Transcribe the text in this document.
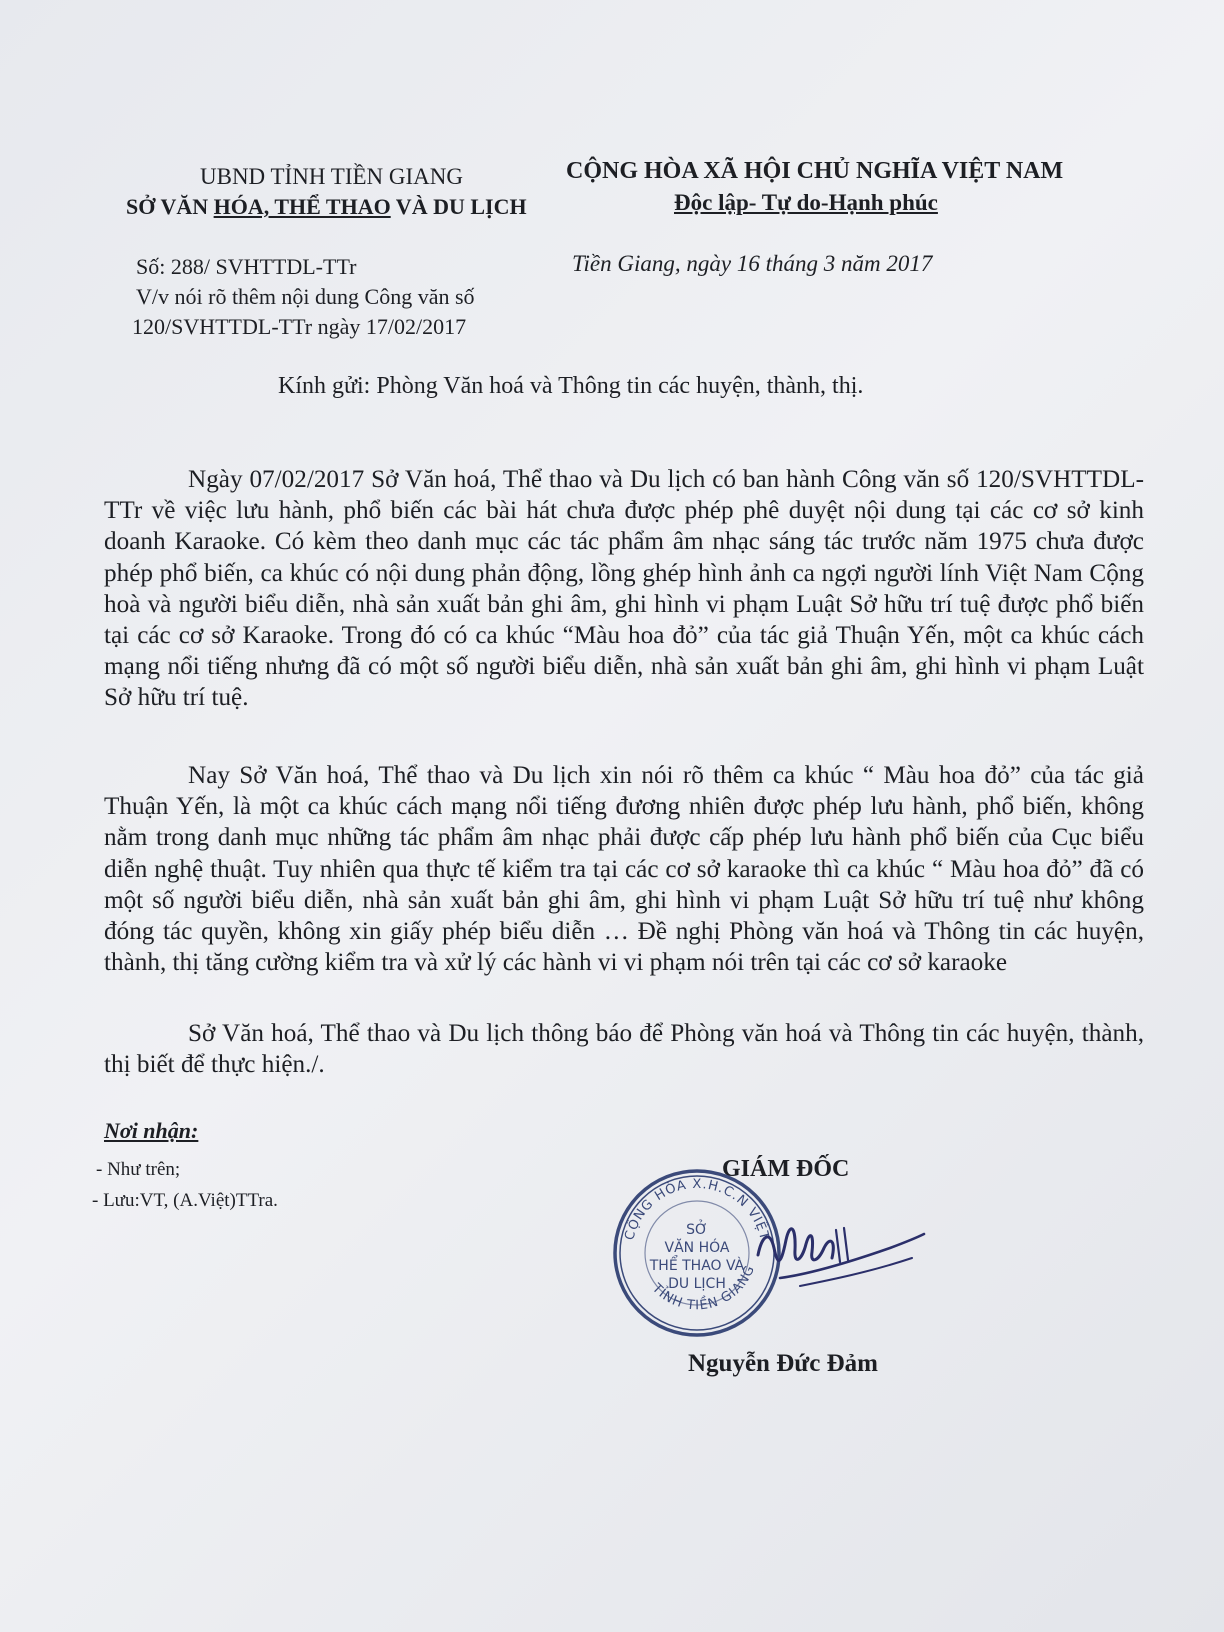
UBND TỈNH TIỀN GIANG
SỞ VĂN HÓA, THỂ THAO VÀ DU LỊCH
CỘNG HÒA XÃ HỘI CHỦ NGHĨA VIỆT NAM
Độc lập- Tự do-Hạnh phúc
Số: 288/ SVHTTDL-TTr
V/v nói rõ thêm nội dung Công văn số
120/SVHTTDL-TTr ngày 17/02/2017
Tiền Giang, ngày 16 tháng 3 năm 2017
Kính gửi: Phòng Văn hoá và Thông tin các huyện, thành, thị.

Ngày 07/02/2017 Sở Văn hoá, Thể thao và Du lịch có ban hành Công văn số 120/SVHTTDL-TTr về việc lưu hành, phổ biến các bài hát chưa được phép phê duyệt nội dung tại các cơ sở kinh doanh Karaoke. Có kèm theo danh mục các tác phẩm âm nhạc sáng tác trước năm 1975 chưa được phép phổ biến, ca khúc có nội dung phản động, lồng ghép hình ảnh ca ngợi người lính Việt Nam Cộng hoà và người biểu diễn, nhà sản xuất bản ghi âm, ghi hình vi phạm Luật Sở hữu trí tuệ được phổ biến tại các cơ sở Karaoke. Trong đó có ca khúc “Màu hoa đỏ” của tác giả Thuận Yến, một ca khúc cách mạng nổi tiếng nhưng đã có một số người biểu diễn, nhà sản xuất bản ghi âm, ghi hình vi phạm Luật Sở hữu trí tuệ.

Nay Sở Văn hoá, Thể thao và Du lịch xin nói rõ thêm ca khúc “ Màu hoa đỏ” của tác giả Thuận Yến, là một ca khúc cách mạng nổi tiếng đương nhiên được phép lưu hành, phổ biến, không nằm trong danh mục những tác phẩm âm nhạc phải được cấp phép lưu hành phổ biến của Cục biểu diễn nghệ thuật. Tuy nhiên qua thực tế kiểm tra tại các cơ sở karaoke thì ca khúc “ Màu hoa đỏ” đã có một số người biểu diễn, nhà sản xuất bản ghi âm, ghi hình vi phạm Luật Sở hữu trí tuệ như không đóng tác quyền, không xin giấy phép biểu diễn … Đề nghị Phòng văn hoá và Thông tin các huyện, thành, thị tăng cường kiểm tra và xử lý các hành vi vi phạm nói trên tại các cơ sở karaoke

Sở Văn hoá, Thể thao và Du lịch thông báo để Phòng văn hoá và Thông tin các huyện, thành, thị biết để thực hiện./.

Nơi nhận:
- Như trên;
- Lưu:VT, (A.Việt)TTra.
GIÁM ĐỐC
CỘNG HÒA X.H.C.N VIỆT
TỈNH TIỀN GIANG
SỞ
VĂN HÓA
THỂ THAO VÀ
DU LỊCH
Nguyễn Đức Đảm
